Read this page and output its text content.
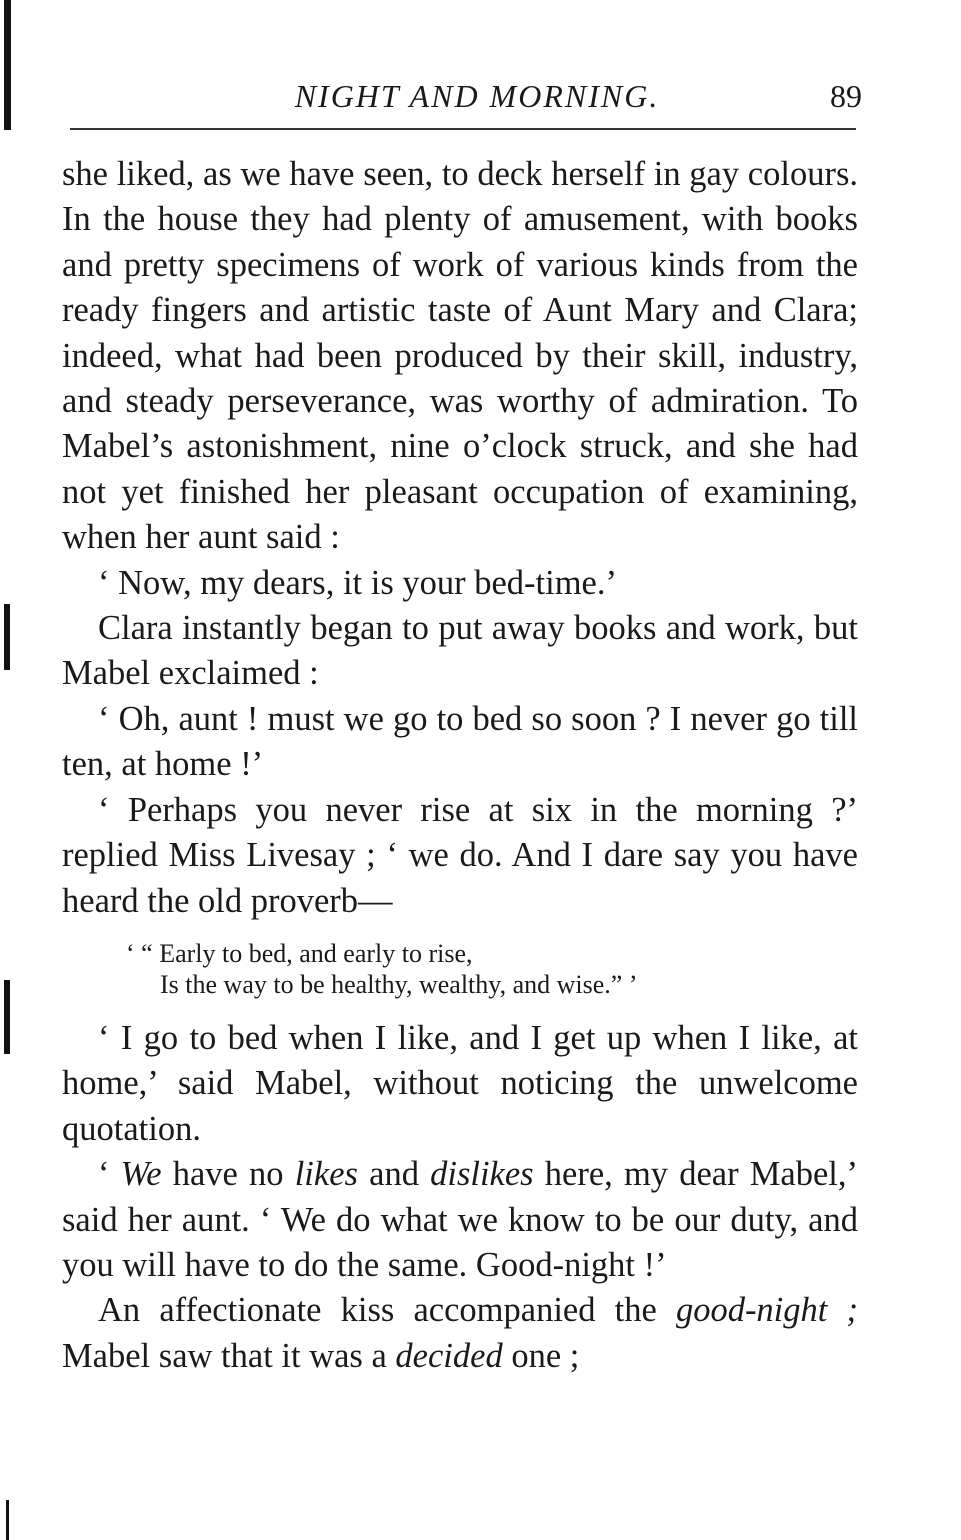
NIGHT AND MORNING.	89

she liked, as we have seen, to deck herself in gay colours. In the house they had plenty of amusement, with books and pretty specimens of work of various kinds from the ready fingers and artistic taste of Aunt Mary and Clara; indeed, what had been produced by their skill, industry, and steady perseverance, was worthy of admiration. To Mabel’s astonishment, nine o’clock struck, and she had not yet finished her pleasant occupation of examining, when her aunt said :

‘ Now, my dears, it is your bed-time.’

Clara instantly began to put away books and work, but Mabel exclaimed :

‘ Oh, aunt ! must we go to bed so soon ? I never go till ten, at home !’

‘ Perhaps you never rise at six in the morning ?’ replied Miss Livesay ; ‘ we do. And I dare say you have heard the old proverb—

‘ “ Early to bed, and early to rise,
Is the way to be healthy, wealthy, and wise.” ’

‘ I go to bed when I like, and I get up when I like, at home,’ said Mabel, without noticing the unwelcome quotation.

‘ We have no likes and dislikes here, my dear Mabel,’ said her aunt. ‘ We do what we know to be our duty, and you will have to do the same. Good-night !’

An affectionate kiss accompanied the good-night ; Mabel saw that it was a decided one ;
